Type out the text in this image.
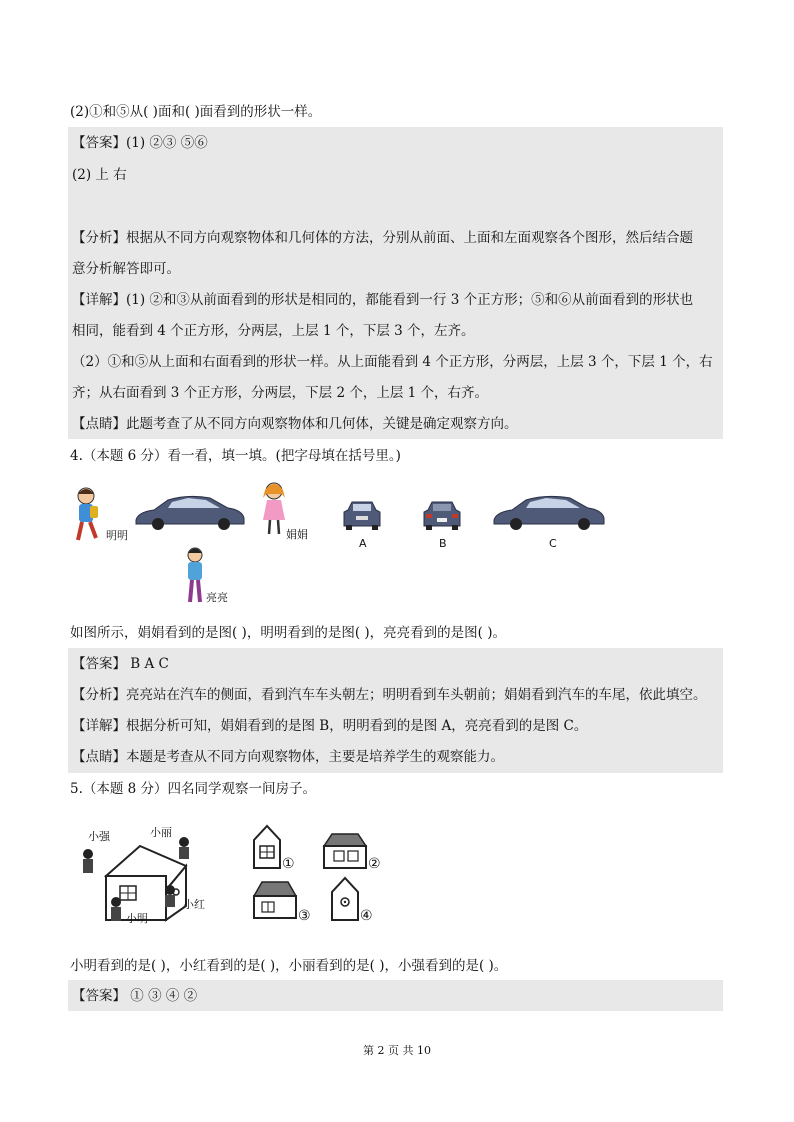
(2)①和⑤从( )面和( )面看到的形状一样。
【答案】(1) ②③ ⑤⑥
(2) 上 右
【分析】根据从不同方向观察物体和几何体的方法，分别从前面、上面和左面观察各个图形，然后结合题
意分析解答即可。
【详解】(1) ②和③从前面看到的形状是相同的，都能看到一行 3 个正方形；⑤和⑥从前面看到的形状也
相同，能看到 4 个正方形，分两层，上层 1 个，下层 3 个，左齐。
（2）①和⑤从上面和右面看到的形状一样。从上面能看到 4 个正方形，分两层，上层 3 个，下层 1 个，右
齐；从右面看到 3 个正方形，分两层，下层 2 个，上层 1 个，右齐。
【点睛】此题考查了从不同方向观察物体和几何体，关键是确定观察方向。
4.（本题 6 分）看一看，填一填。(把字母填在括号里。)
明明	娟娟
亮亮
A	B	C
如图所示，娟娟看到的是图( )，明明看到的是图( )，亮亮看到的是图( )。
【答案】 B A C
【分析】亮亮站在汽车的侧面，看到汽车车头朝左；明明看到车头朝前；娟娟看到汽车的车尾，依此填空。
【详解】根据分析可知，娟娟看到的是图 B，明明看到的是图 A，亮亮看到的是图 C。
【点睛】本题是考查从不同方向观察物体，主要是培养学生的观察能力。
5.（本题 8 分）四名同学观察一间房子。
小强	小丽
小红
小明
①	②
③	④
小明看到的是( )，小红看到的是( )，小丽看到的是( )，小强看到的是( )。
【答案】 ① ③ ④ ②
第 2 页 共 10
